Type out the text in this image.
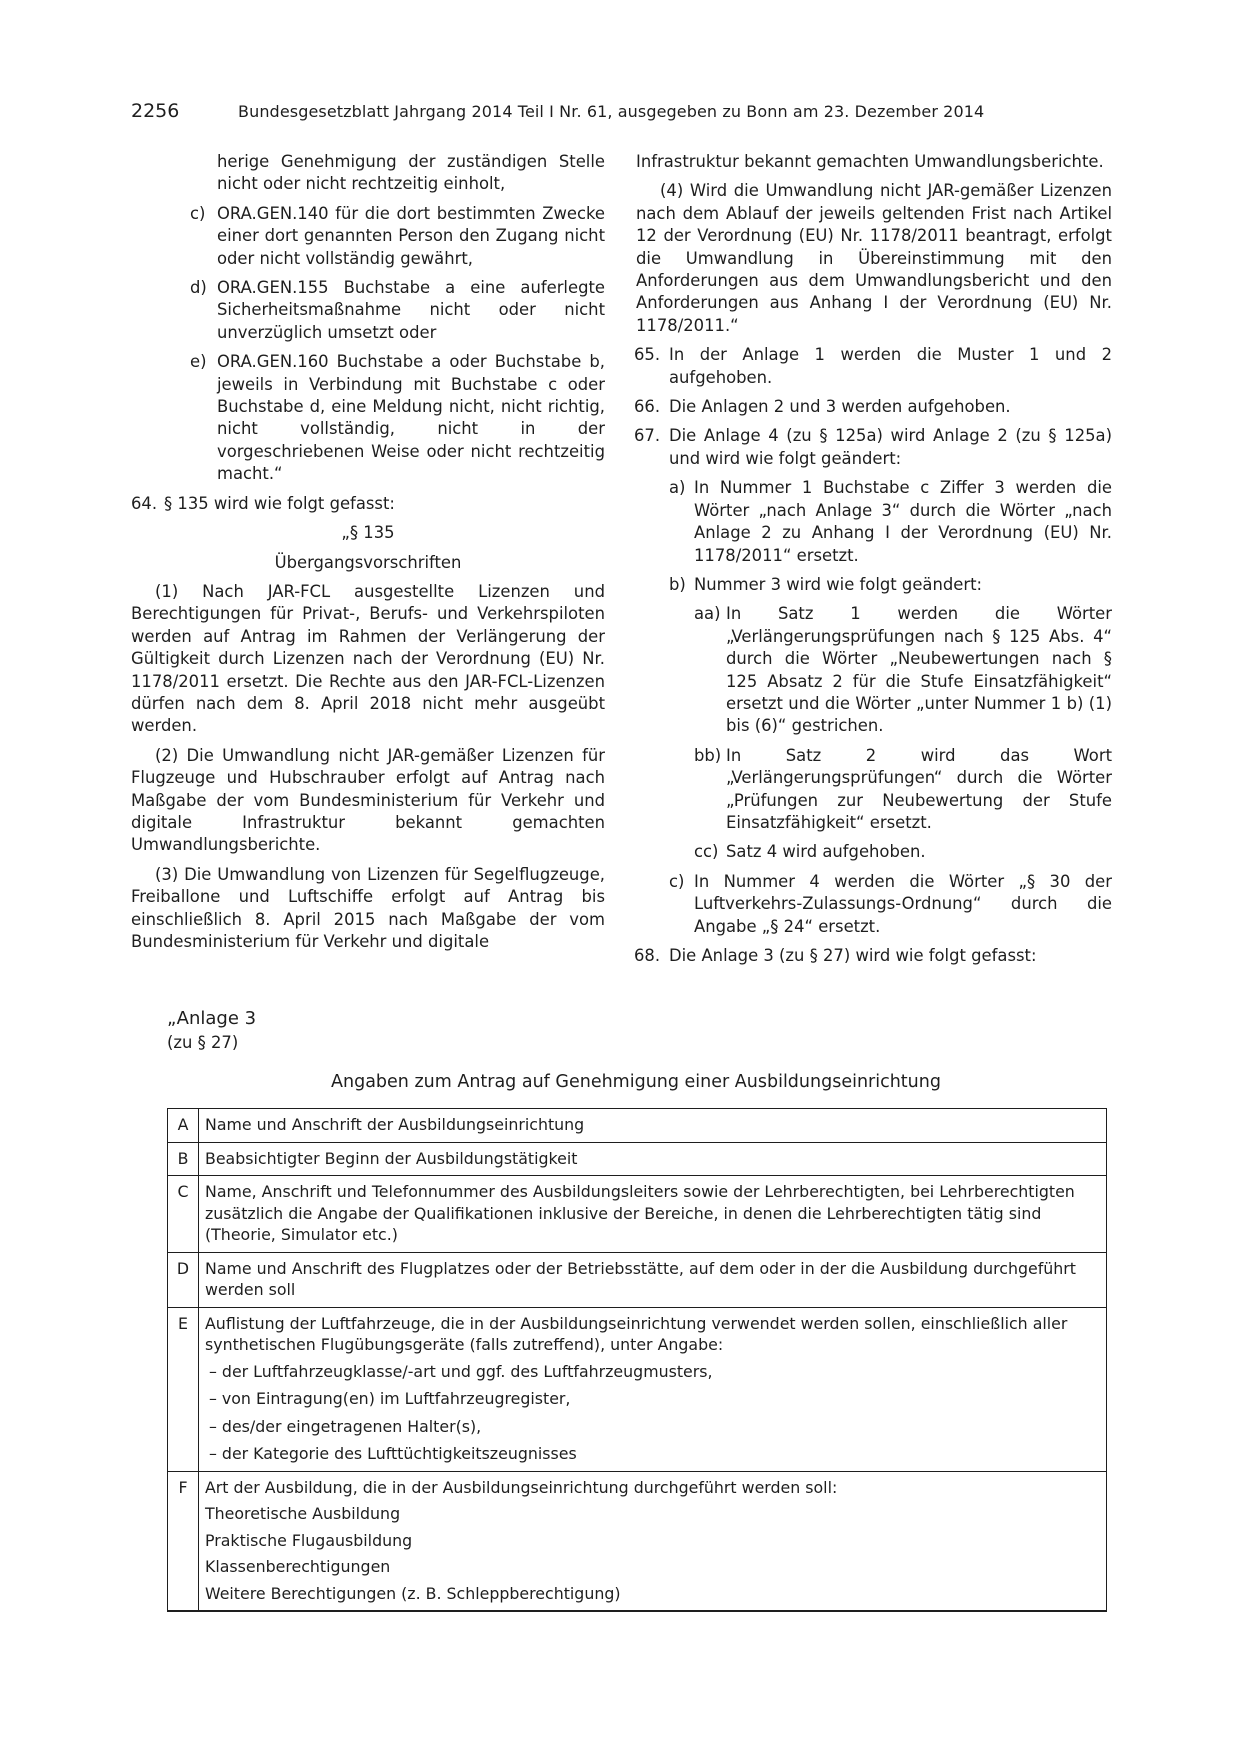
2256	Bundesgesetzblatt Jahrgang 2014 Teil I Nr. 61, ausgegeben zu Bonn am 23. Dezember 2014

herige Genehmigung der zuständigen Stelle nicht oder nicht rechtzeitig einholt,

c) ORA.GEN.140 für die dort bestimmten Zwecke einer dort genannten Person den Zugang nicht oder nicht vollständig gewährt,
d) ORA.GEN.155 Buchstabe a eine auferlegte Sicherheitsmaßnahme nicht oder nicht unverzüglich umsetzt oder
e) ORA.GEN.160 Buchstabe a oder Buchstabe b, jeweils in Verbindung mit Buchstabe c oder Buchstabe d, eine Meldung nicht, nicht richtig, nicht vollständig, nicht in der vorgeschriebenen Weise oder nicht rechtzeitig macht.“
64. § 135 wird wie folgt gefasst:

„§ 135

Übergangsvorschriften

(1) Nach JAR-FCL ausgestellte Lizenzen und Berechtigungen für Privat-, Berufs- und Verkehrspiloten werden auf Antrag im Rahmen der Verlängerung der Gültigkeit durch Lizenzen nach der Verordnung (EU) Nr. 1178/2011 ersetzt. Die Rechte aus den JAR-FCL-Lizenzen dürfen nach dem 8. April 2018 nicht mehr ausgeübt werden.

(2) Die Umwandlung nicht JAR-gemäßer Lizenzen für Flugzeuge und Hubschrauber erfolgt auf Antrag nach Maßgabe der vom Bundesministerium für Verkehr und digitale Infrastruktur bekannt gemachten Umwandlungsberichte.

(3) Die Umwandlung von Lizenzen für Segelflugzeuge, Freiballone und Luftschiffe erfolgt auf Antrag bis einschließlich 8. April 2015 nach Maßgabe der vom Bundesministerium für Verkehr und digitale

Infrastruktur bekannt gemachten Umwandlungsberichte.

(4) Wird die Umwandlung nicht JAR-gemäßer Lizenzen nach dem Ablauf der jeweils geltenden Frist nach Artikel 12 der Verordnung (EU) Nr. 1178/2011 beantragt, erfolgt die Umwandlung in Übereinstimmung mit den Anforderungen aus dem Umwandlungsbericht und den Anforderungen aus Anhang I der Verordnung (EU) Nr. 1178/2011.“

65. In der Anlage 1 werden die Muster 1 und 2 aufgehoben.
66. Die Anlagen 2 und 3 werden aufgehoben.
67. Die Anlage 4 (zu § 125a) wird Anlage 2 (zu § 125a) und wird wie folgt geändert:
a) In Nummer 1 Buchstabe c Ziffer 3 werden die Wörter „nach Anlage 3“ durch die Wörter „nach Anlage 2 zu Anhang I der Verordnung (EU) Nr. 1178/2011“ ersetzt.
b) Nummer 3 wird wie folgt geändert:
aa) In Satz 1 werden die Wörter „Verlängerungsprüfungen nach § 125 Abs. 4“ durch die Wörter „Neubewertungen nach § 125 Absatz 2 für die Stufe Einsatzfähigkeit“ ersetzt und die Wörter „unter Nummer 1 b) (1) bis (6)“ gestrichen.
bb) In Satz 2 wird das Wort „Verlängerungsprüfungen“ durch die Wörter „Prüfungen zur Neubewertung der Stufe Einsatzfähigkeit“ ersetzt.
cc) Satz 4 wird aufgehoben.
c) In Nummer 4 werden die Wörter „§ 30 der Luftverkehrs-Zulassungs-Ordnung“ durch die Angabe „§ 24“ ersetzt.
68. Die Anlage 3 (zu § 27) wird wie folgt gefasst:
„Anlage 3
(zu § 27)
Angaben zum Antrag auf Genehmigung einer Ausbildungseinrichtung
A	Name und Anschrift der Ausbildungseinrichtung

B	Beabsichtigter Beginn der Ausbildungstätigkeit

C	Name, Anschrift und Telefonnummer des Ausbildungsleiters sowie der Lehrberechtigten, bei Lehrberechtigten zusätzlich die Angabe der Qualifikationen inklusive der Bereiche, in denen die Lehrberechtigten tätig sind (Theorie, Simulator etc.)

D	Name und Anschrift des Flugplatzes oder der Betriebsstätte, auf dem oder in der die Ausbildung durchgeführt werden soll

E	Auflistung der Luftfahrzeuge, die in der Ausbildungseinrichtung verwendet werden sollen, einschließlich aller synthetischen Flugübungsgeräte (falls zutreffend), unter Angabe:
– der Luftfahrzeugklasse/-art und ggf. des Luftfahrzeugmusters,
– von Eintragung(en) im Luftfahrzeugregister,
– des/der eingetragenen Halter(s),
– der Kategorie des Lufttüchtigkeitszeugnisses

F	Art der Ausbildung, die in der Ausbildungseinrichtung durchgeführt werden soll:
Theoretische Ausbildung
Praktische Flugausbildung
Klassenberechtigungen
Weitere Berechtigungen (z. B. Schleppberechtigung)
